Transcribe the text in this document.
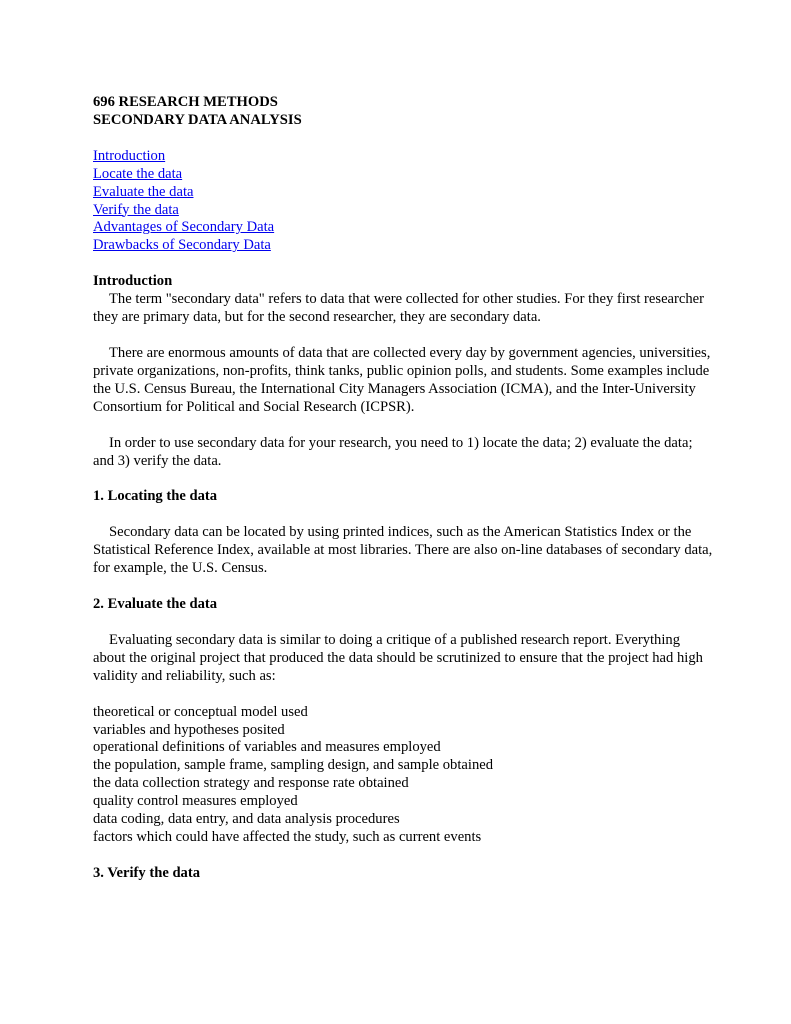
696 RESEARCH METHODS
SECONDARY DATA ANALYSIS
Introduction
Locate the data
Evaluate the data
Verify the data
Advantages of Secondary Data
Drawbacks of Secondary Data
Introduction

The term "secondary data" refers to data that were collected for other studies. For they first researcher they are primary data, but for the second researcher, they are secondary data.

There are enormous amounts of data that are collected every day by government agencies, universities, private organizations, non-profits, think tanks, public opinion polls, and students. Some examples include the U.S. Census Bureau, the International City Managers Association (ICMA), and the Inter-University Consortium for Political and Social Research (ICPSR).

In order to use secondary data for your research, you need to 1) locate the data; 2) evaluate the data; and 3) verify the data.

1. Locating the data

Secondary data can be located by using printed indices, such as the American Statistics Index or the Statistical Reference Index, available at most libraries. There are also on-line databases of secondary data, for example, the U.S. Census.

2. Evaluate the data

Evaluating secondary data is similar to doing a critique of a published research report. Everything about the original project that produced the data should be scrutinized to ensure that the project had high validity and reliability, such as:

theoretical or conceptual model used
variables and hypotheses posited
operational definitions of variables and measures employed
the population, sample frame, sampling design, and sample obtained
the data collection strategy and response rate obtained
quality control measures employed
data coding, data entry, and data analysis procedures
factors which could have affected the study, such as current events
3. Verify the data
